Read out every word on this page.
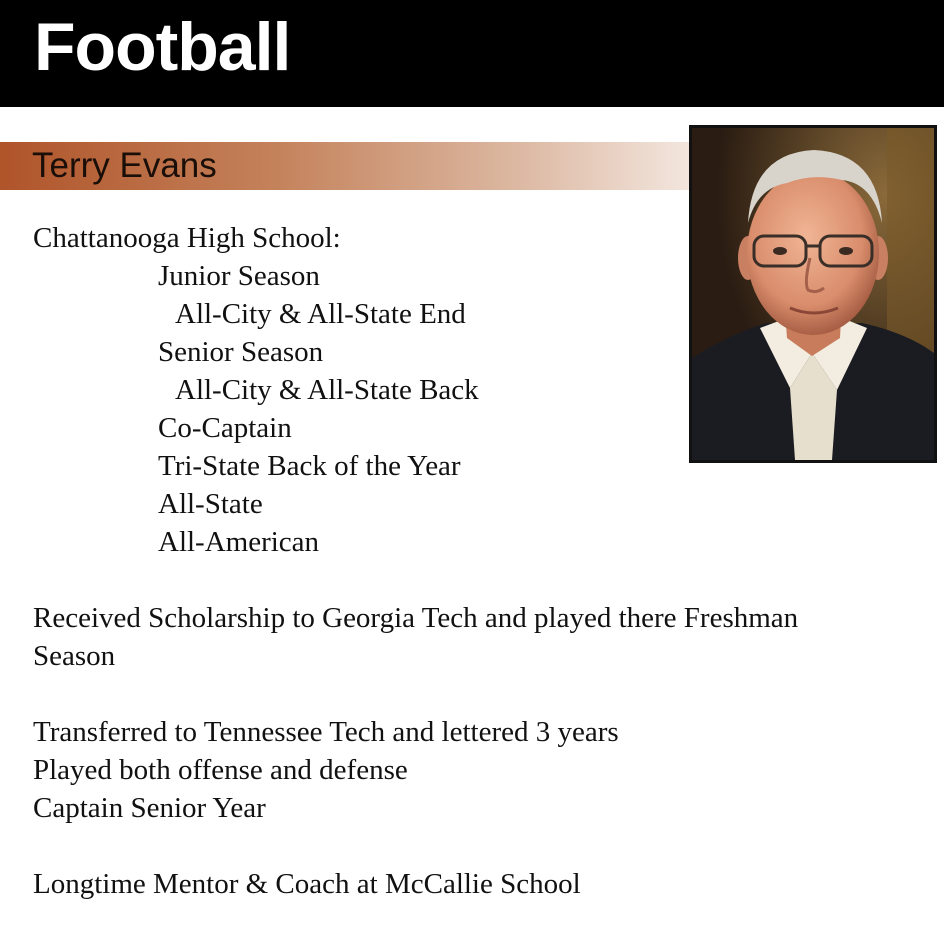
Football
Terry Evans
Chattanooga High School:
Junior Season
All-City & All-State End
Senior Season
All-City & All-State Back
Co-Captain
Tri-State Back of the Year
All-State
All-American
Received Scholarship to Georgia Tech and played there Freshman
Season
Transferred to Tennessee Tech and lettered 3 years
Played both offense and defense
Captain Senior Year
Longtime Mentor & Coach at McCallie School
